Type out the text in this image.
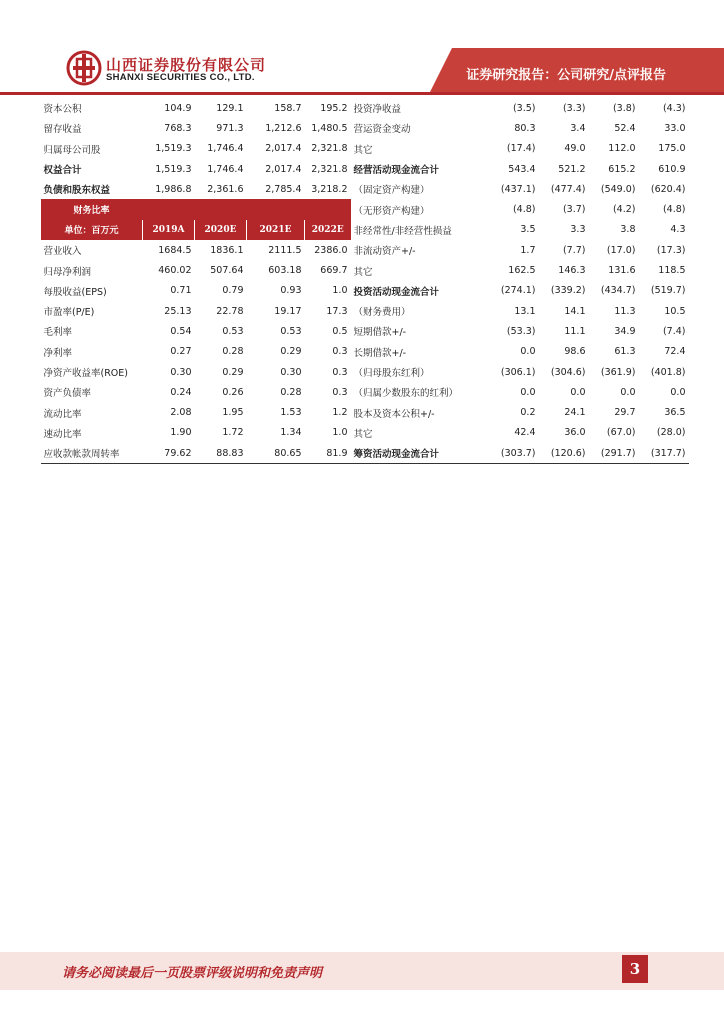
山西证券股份有限公司
SHANXI SECURITIES CO., LTD.	证券研究报告：公司研究/点评报告
资本公积	104.9	129.1	158.7	195.2	投资净收益	(3.5)	(3.3)	(3.8)	(4.3)
留存收益	768.3	971.3	1,212.6	1,480.5	营运资金变动	80.3	3.4	52.4	33.0
归属母公司股	1,519.3	1,746.4	2,017.4	2,321.8	其它	(17.4)	49.0	112.0	175.0
权益合计	1,519.3	1,746.4	2,017.4	2,321.8	经营活动现金流合计	543.4	521.2	615.2	610.9
负债和股东权益	1,986.8	2,361.6	2,785.4	3,218.2	（固定资产构建）	(437.1)	(477.4)	(549.0)	(620.4)
财务比率					（无形资产构建）	(4.8)	(3.7)	(4.2)	(4.8)
单位：百万元	2019A	2020E	2021E	2022E	非经常性/非经营性损益	3.5	3.3	3.8	4.3
营业收入	1684.5	1836.1	2111.5	2386.0	非流动资产+/-	1.7	(7.7)	(17.0)	(17.3)
归母净利润	460.02	507.64	603.18	669.7	其它	162.5	146.3	131.6	118.5
每股收益(EPS)	0.71	0.79	0.93	1.0	投资活动现金流合计	(274.1)	(339.2)	(434.7)	(519.7)
市盈率(P/E)	25.13	22.78	19.17	17.3	（财务费用）	13.1	14.1	11.3	10.5
毛利率	0.54	0.53	0.53	0.5	短期借款+/-	(53.3)	11.1	34.9	(7.4)
净利率	0.27	0.28	0.29	0.3	长期借款+/-	0.0	98.6	61.3	72.4
净资产收益率(ROE)	0.30	0.29	0.30	0.3	（归母股东红利）	(306.1)	(304.6)	(361.9)	(401.8)
资产负债率	0.24	0.26	0.28	0.3	（归属少数股东的红利）	0.0	0.0	0.0	0.0
流动比率	2.08	1.95	1.53	1.2	股本及资本公积+/-	0.2	24.1	29.7	36.5
速动比率	1.90	1.72	1.34	1.0	其它	42.4	36.0	(67.0)	(28.0)
应收款帐款周转率	79.62	88.83	80.65	81.9	筹资活动现金流合计	(303.7)	(120.6)	(291.7)	(317.7)
请务必阅读最后一页股票评级说明和免责声明	3
